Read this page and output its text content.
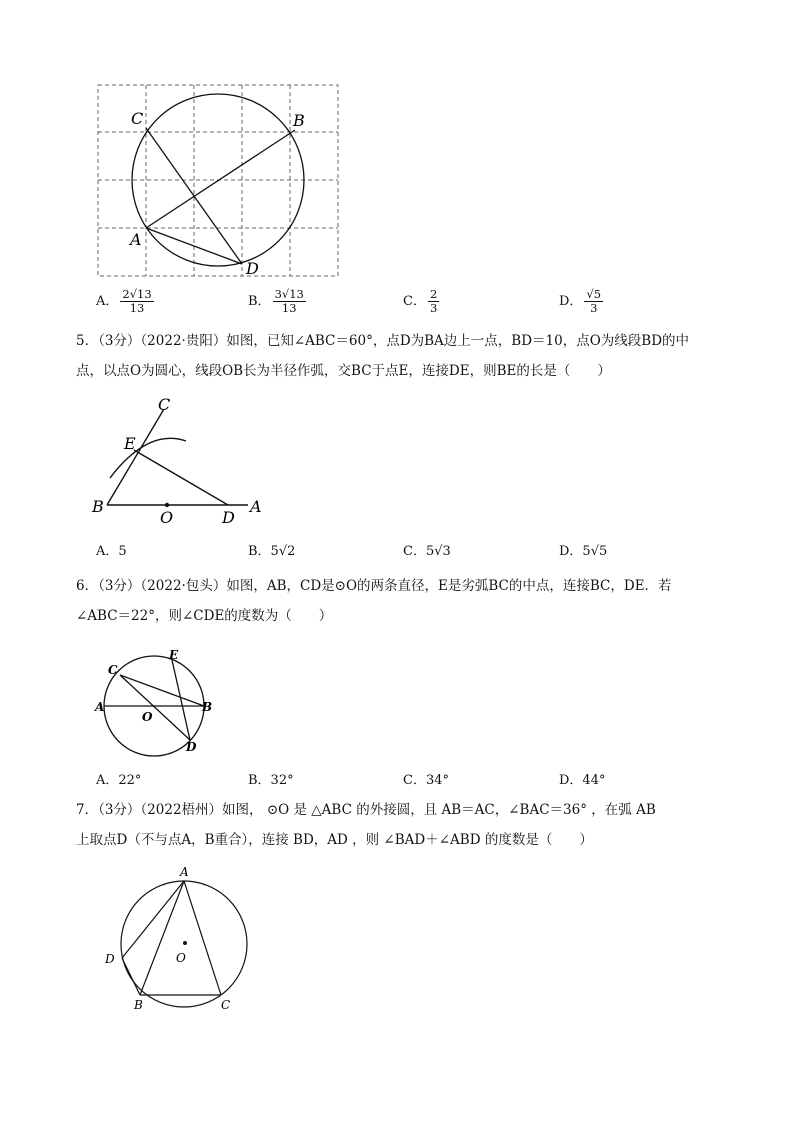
C	B
A
D
A． $\frac{2√13}{13}$	B． $\frac{3√13}{13}$	C． $\frac{2}{3}$	D． $\frac{√5}{3}$
5．（3分）（2022·贵阳）如图，已知∠ABC＝60°，点D为BA边上一点，BD＝10，点O为线段BD的中
点，以点O为圆心，线段OB长为半径作弧，交BC于点E，连接DE，则BE的长是（　　）
C
E
B
O	D
A
A．5	B．5√2	C．5√3	D．5√5
6．（3分）（2022·包头）如图，AB，CD是⊙O的两条直径，E是劣弧BC的中点，连接BC，DE．若
∠ABC＝22°，则∠CDE的度数为（　　）
C
E
A
O
B
D
A．22°	B．32°	C．34°	D．44°
7．（3分）（2022梧州）如图， ⊙O 是 △ABC 的外接圆，且 AB＝AC，∠BAC＝36° ，在弧 AB
上取点D（不与点A，B重合），连接 BD，AD ，则 ∠BAD＋∠ABD 的度数是（　　）
A
D	O
B	C
